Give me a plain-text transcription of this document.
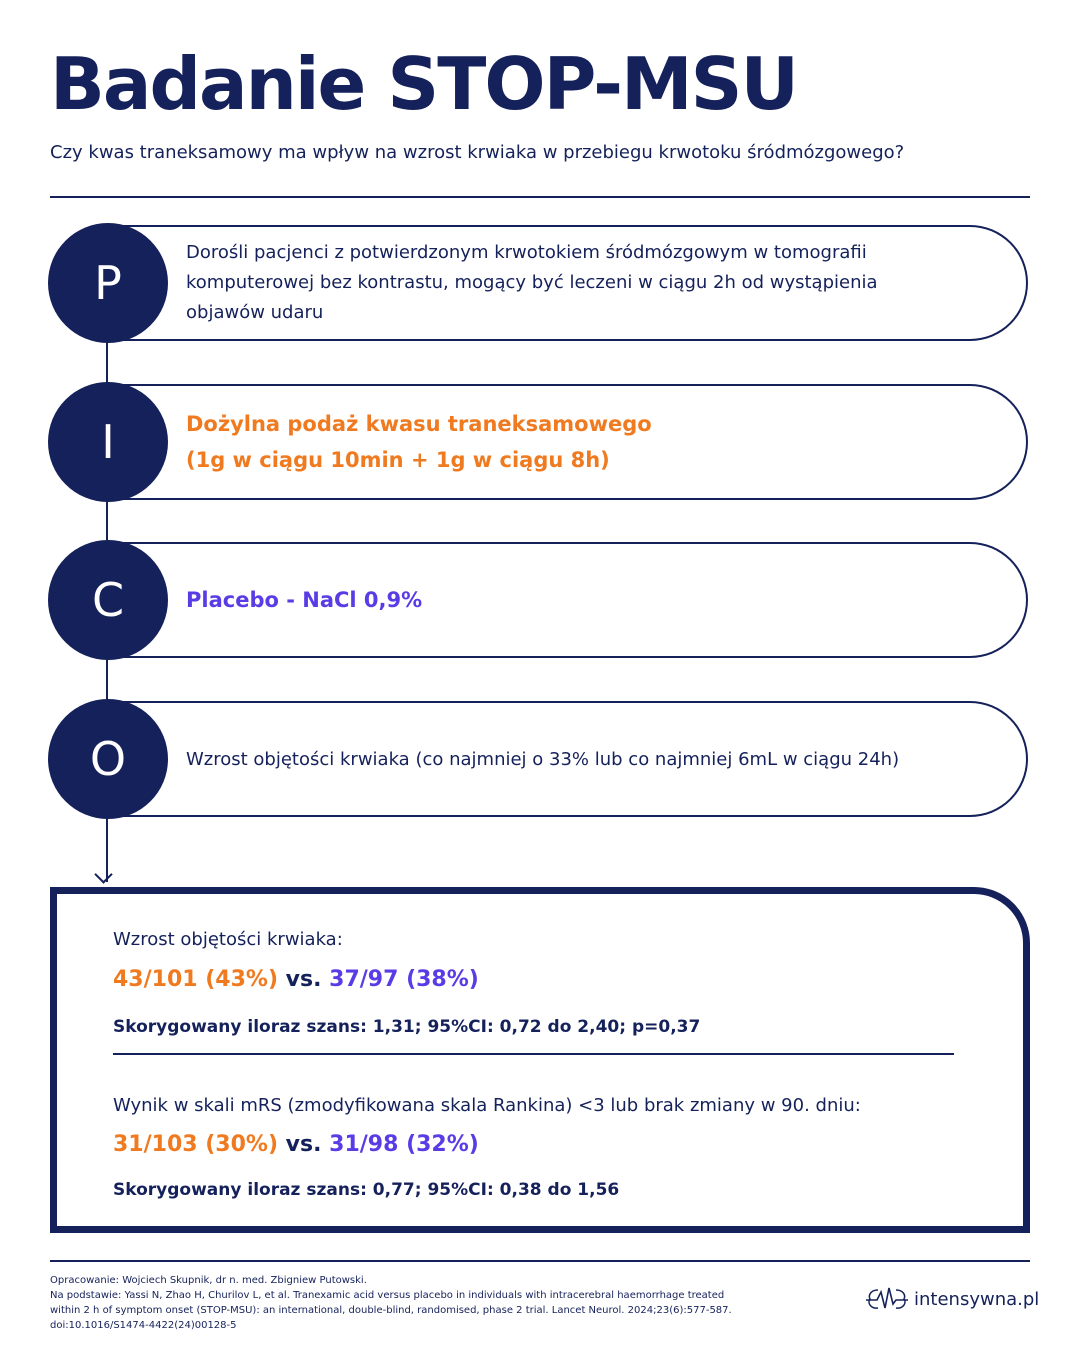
Badanie STOP-MSU

Czy kwas traneksamowy ma wpływ na wzrost krwiaka w przebiegu krwotoku śródmózgowego?

P
Dorośli pacjenci z potwierdzonym krwotokiem śródmózgowym w tomografii
komputerowej bez kontrastu, mogący być leczeni w ciągu 2h od wystąpienia
objawów udaru
I	Dożylna podaż kwasu traneksamowego
(1g w ciągu 10min + 1g w ciągu 8h)
C	Placebo - NaCl 0,9%
O	Wzrost objętości krwiaka (co najmniej o 33% lub co najmniej 6mL w ciągu 24h)

Wzrost objętości krwiaka:

43/101 (43%) vs. 37/97 (38%)

Skorygowany iloraz szans: 1,31; 95%CI: 0,72 do 2,40; p=0,37

Wynik w skali mRS (zmodyfikowana skala Rankina) <3 lub brak zmiany w 90. dniu:

31/103 (30%) vs. 31/98 (32%)

Skorygowany iloraz szans: 0,77; 95%CI: 0,38 do 1,56

Opracowanie: Wojciech Skupnik, dr n. med. Zbigniew Putowski.
Na podstawie: Yassi N, Zhao H, Churilov L, et al. Tranexamic acid versus placebo in individuals with intracerebral haemorrhage treated
within 2 h of symptom onset (STOP-MSU): an international, double-blind, randomised, phase 2 trial. Lancet Neurol. 2024;23(6):577-587.
doi:10.1016/S1474-4422(24)00128-5
intensywna.pl
